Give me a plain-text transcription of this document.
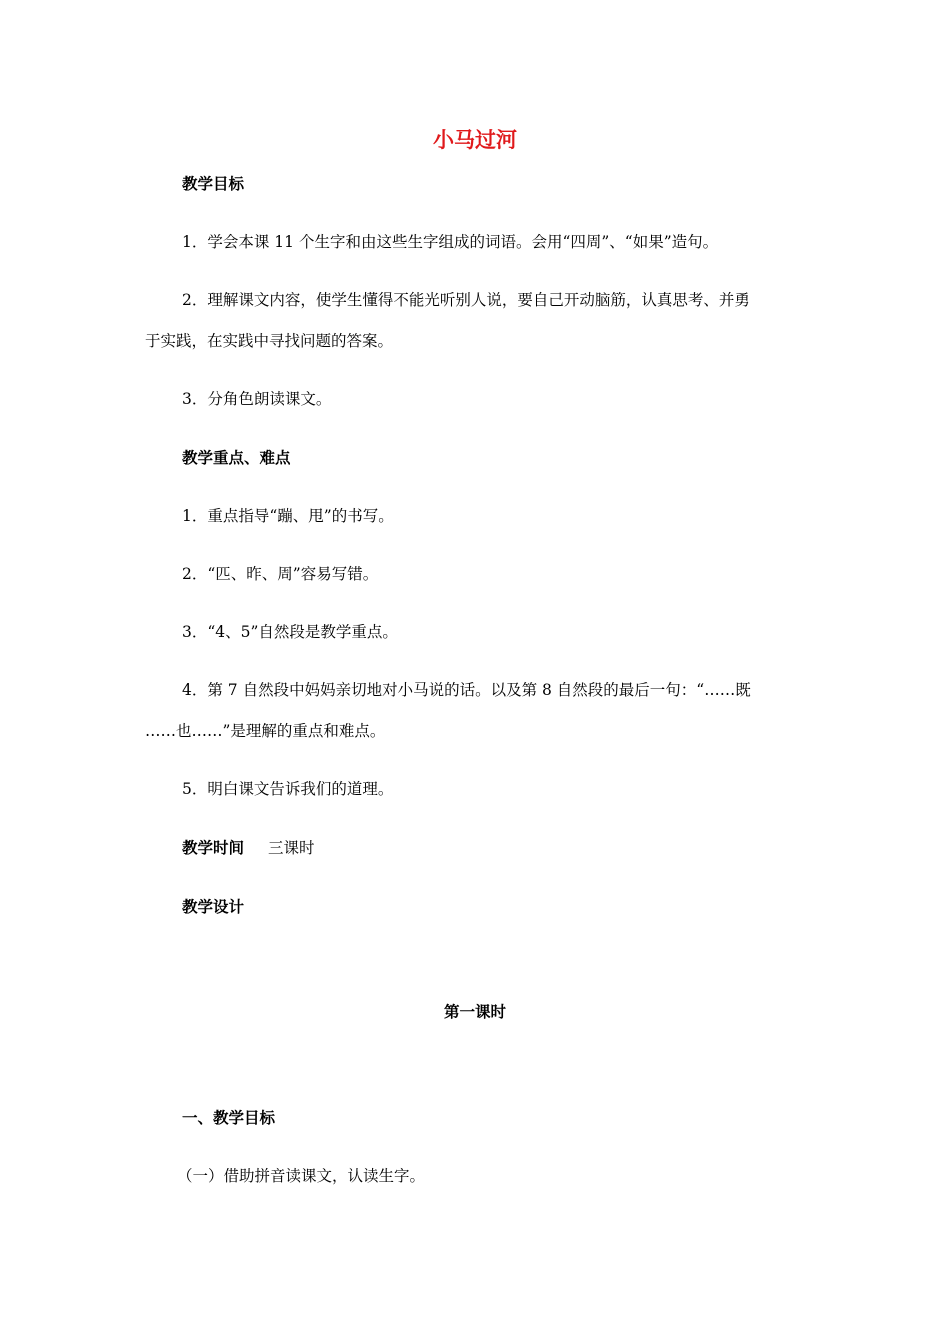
小马过河
教学目标
1．学会本课 11 个生字和由这些生字组成的词语。会用“四周”、“如果”造句。
2．理解课文内容，使学生懂得不能光听别人说，要自己开动脑筋，认真思考、并勇
于实践，在实践中寻找问题的答案。
3．分角色朗读课文。
教学重点、难点
1．重点指导“蹦、甩”的书写。
2．“匹、昨、周”容易写错。
3．“4、5”自然段是教学重点。
4．第 7 自然段中妈妈亲切地对小马说的话。以及第 8 自然段的最后一句：“……既
……也……”是理解的重点和难点。
5．明白课文告诉我们的道理。
教学时间 三课时
教学设计
第一课时
一、教学目标
（一）借助拼音读课文，认读生字。
